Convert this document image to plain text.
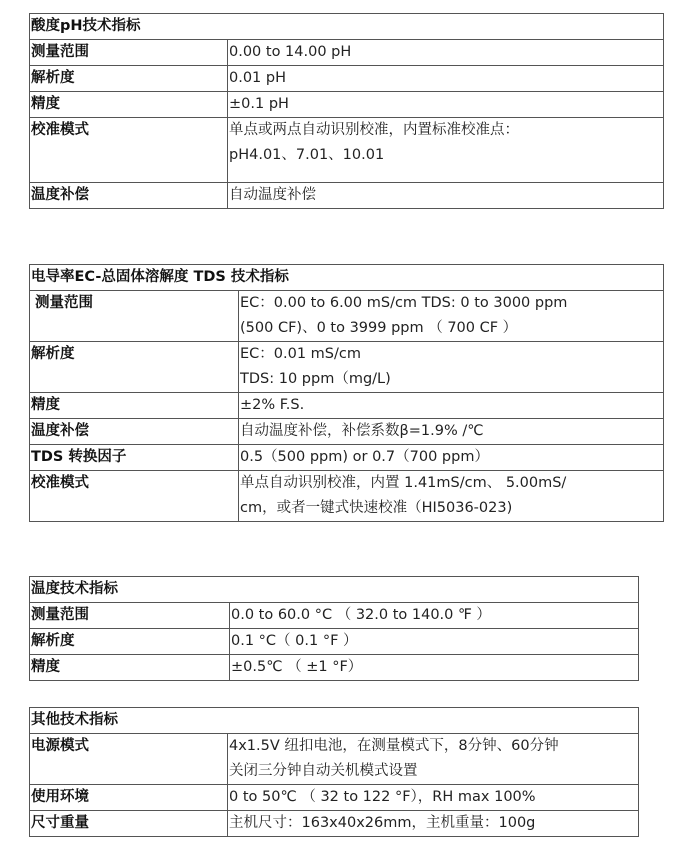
酸度pH技术指标	
测量范围	0.00 to 14.00 pH

解析度	0.01 pH

精度	±0.1 pH

校准模式	单点或两点自动识别校准，内置标准校准点：
pH4.01、7.01、10.01

温度补偿	自动温度补偿
电导率EC-总固体溶解度 TDS 技术指标	
测量范围	EC：0.00 to 6.00 mS/cm TDS: 0 to 3000 ppm
(500 CF)、0 to 3999 ppm （ 700 CF ）

解析度	EC：0.01 mS/cm
TDS: 10 ppm（mg/L)

精度	±2% F.S.

温度补偿	自动温度补偿，补偿系数β=1.9% /℃

TDS 转换因子	0.5（500 ppm) or 0.7（700 ppm）

校准模式	单点自动识别校准，内置 1.41mS/cm、 5.00mS/
cm，或者一键式快速校准（HI5036-023)
温度技术指标	
测量范围	0.0 to 60.0 °C （ 32.0 to 140.0 ℉ ）

解析度	0.1 °C（ 0.1 °F ）

精度	±0.5℃ （ ±1 °F）
其他技术指标	
电源模式	4x1.5V 纽扣电池，在测量模式下，8分钟、60分钟
关闭三分钟自动关机模式设置

使用环境	0 to 50℃ （ 32 to 122 °F），RH max 100%

尺寸重量	主机尺寸：163x40x26mm，主机重量：100g
